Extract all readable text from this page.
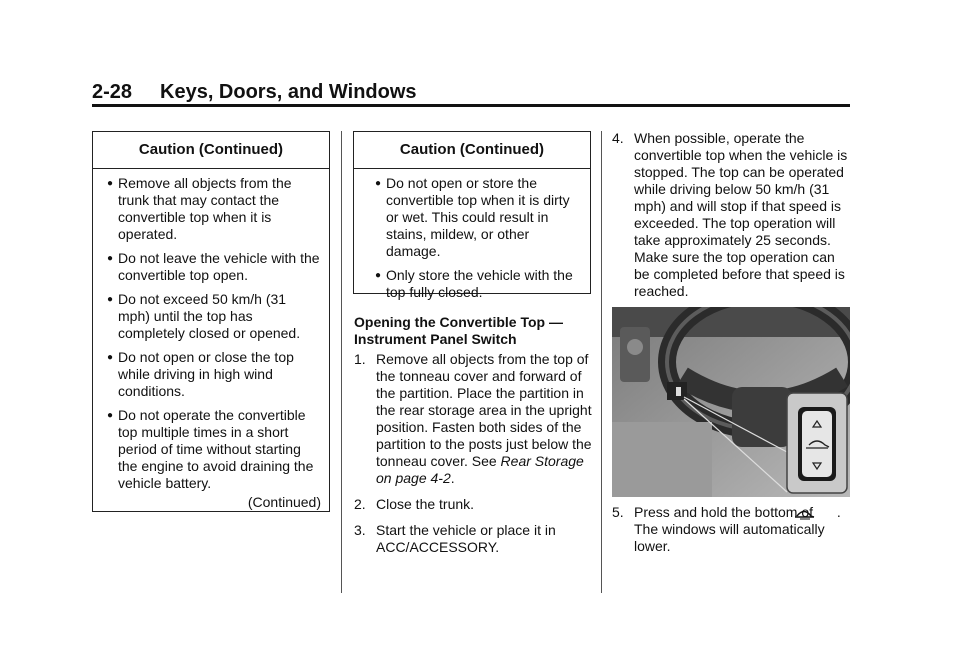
2-28 Keys, Doors, and Windows
Caution (Continued)
● Remove all objects from the trunk that may contact the convertible top when it is operated.
● Do not leave the vehicle with the convertible top open.
● Do not exceed 50 km/h (31 mph) until the top has completely closed or opened.
● Do not open or close the top while driving in high wind conditions.
● Do not operate the convertible top multiple times in a short period of time without starting the engine to avoid draining the vehicle battery.
(Continued)
Caution (Continued)
● Do not open or store the convertible top when it is dirty or wet. This could result in stains, mildew, or other damage.
● Only store the vehicle with the top fully closed.
Opening the Convertible Top — Instrument Panel Switch
1. Remove all objects from the top of the tonneau cover and forward of the partition. Place the partition in the rear storage area in the upright position. Fasten both sides of the partition to the posts just below the tonneau cover. See Rear Storage on page 4-2.
2. Close the trunk.
3. Start the vehicle or place it in ACC/ACCESSORY.
4. When possible, operate the convertible top when the vehicle is stopped. The top can be operated while driving below 50 km/h (31 mph) and will stop if that speed is exceeded. The top operation will take approximately 25 seconds. Make sure the top operation can be completed before that speed is reached.
5. Press and hold the bottom of . The windows will automatically lower.
